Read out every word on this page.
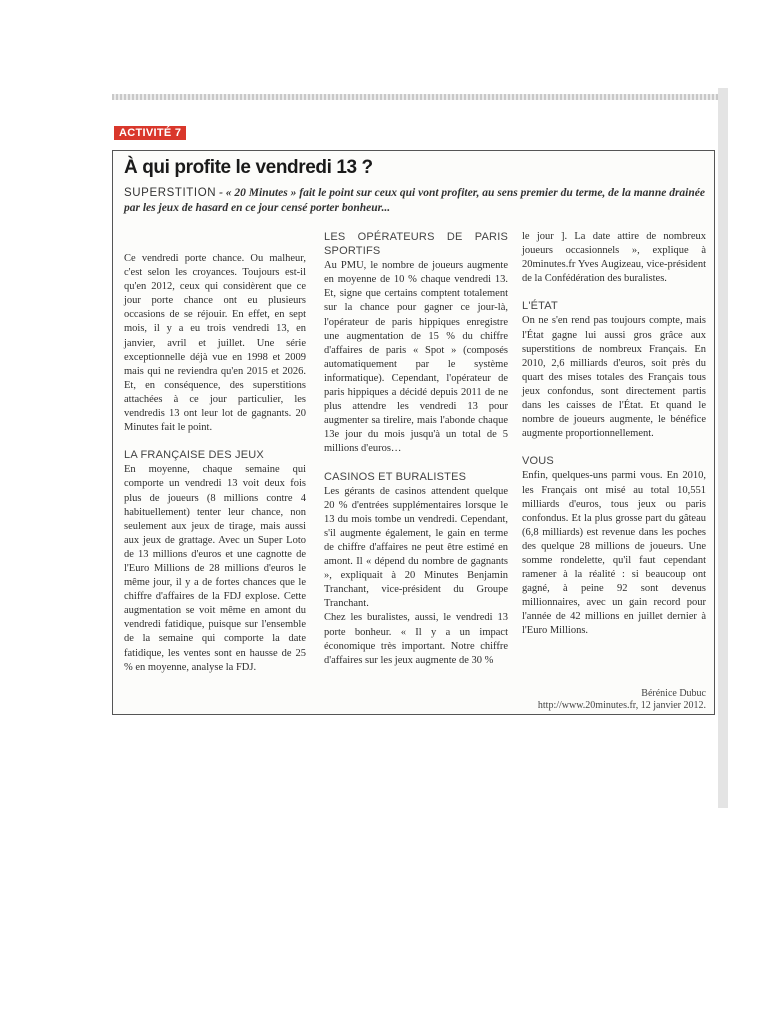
ACTIVITÉ 7
À qui profite le vendredi 13 ?
SUPERSTITION - « 20 Minutes » fait le point sur ceux qui vont profiter, au sens premier du terme, de la manne drainée par les jeux de hasard en ce jour censé porter bonheur...

Ce vendredi porte chance. Ou malheur, c'est selon les croyances. Toujours est-il qu'en 2012, ceux qui considèrent que ce jour porte chance ont eu plusieurs occasions de se réjouir. En effet, en sept mois, il y a eu trois vendredi 13, en janvier, avril et juillet. Une série exceptionnelle déjà vue en 1998 et 2009 mais qui ne reviendra qu'en 2015 et 2026. Et, en conséquence, des superstitions attachées à ce jour particulier, les vendredis 13 ont leur lot de gagnants. 20 Minutes fait le point.

LA FRANÇAISE DES JEUX

En moyenne, chaque semaine qui comporte un vendredi 13 voit deux fois plus de joueurs (8 millions contre 4 habituellement) tenter leur chance, non seulement aux jeux de tirage, mais aussi aux jeux de grattage. Avec un Super Loto de 13 millions d'euros et une cagnotte de l'Euro Millions de 28 millions d'euros le même jour, il y a de fortes chances que le chiffre d'affaires de la FDJ explose. Cette augmentation se voit même en amont du vendredi fatidique, puisque sur l'ensemble de la semaine qui comporte la date fatidique, les ventes sont en hausse de 25 % en moyenne, analyse la FDJ.

LES OPÉRATEURS DE PARIS SPORTIFS

Au PMU, le nombre de joueurs augmente en moyenne de 10 % chaque vendredi 13. Et, signe que certains comptent totalement sur la chance pour gagner ce jour-là, l'opérateur de paris hippiques enregistre une augmentation de 15 % du chiffre d'affaires de paris « Spot » (composés automatiquement par le système informatique). Cependant, l'opérateur de paris hippiques a décidé depuis 2011 de ne plus attendre les vendredi 13 pour augmenter sa tirelire, mais l'abonde chaque 13e jour du mois jusqu'à un total de 5 millions d'euros…

CASINOS ET BURALISTES

Les gérants de casinos attendent quelque 20 % d'entrées supplémentaires lorsque le 13 du mois tombe un vendredi. Cependant, s'il augmente également, le gain en terme de chiffre d'affaires ne peut être estimé en amont. Il « dépend du nombre de gagnants », expliquait à 20 Minutes Benjamin Tranchant, vice-président du Groupe Tranchant.

Chez les buralistes, aussi, le vendredi 13 porte bonheur. « Il y a un impact économique très important. Notre chiffre d'affaires sur les jeux augmente de 30 %

le jour ]. La date attire de nombreux joueurs occasionnels », explique à 20minutes.fr Yves Augizeau, vice-président de la Confédération des buralistes.

L'ÉTAT

On ne s'en rend pas toujours compte, mais l'État gagne lui aussi gros grâce aux superstitions de nombreux Français. En 2010, 2,6 milliards d'euros, soit près du quart des mises totales des Français tous jeux confondus, sont directement partis dans les caisses de l'État. Et quand le nombre de joueurs augmente, le bénéfice augmente proportionnellement.

VOUS

Enfin, quelques-uns parmi vous. En 2010, les Français ont misé au total 10,551 milliards d'euros, tous jeux ou paris confondus. Et la plus grosse part du gâteau (6,8 milliards) est revenue dans les poches des quelque 28 millions de joueurs. Une somme rondelette, qu'il faut cependant ramener à la réalité : si beaucoup ont gagné, à peine 92 sont devenus millionnaires, avec un gain record pour l'année de 42 millions en juillet dernier à l'Euro Millions.

Bérénice Dubuc
http://www.20minutes.fr, 12 janvier 2012.
